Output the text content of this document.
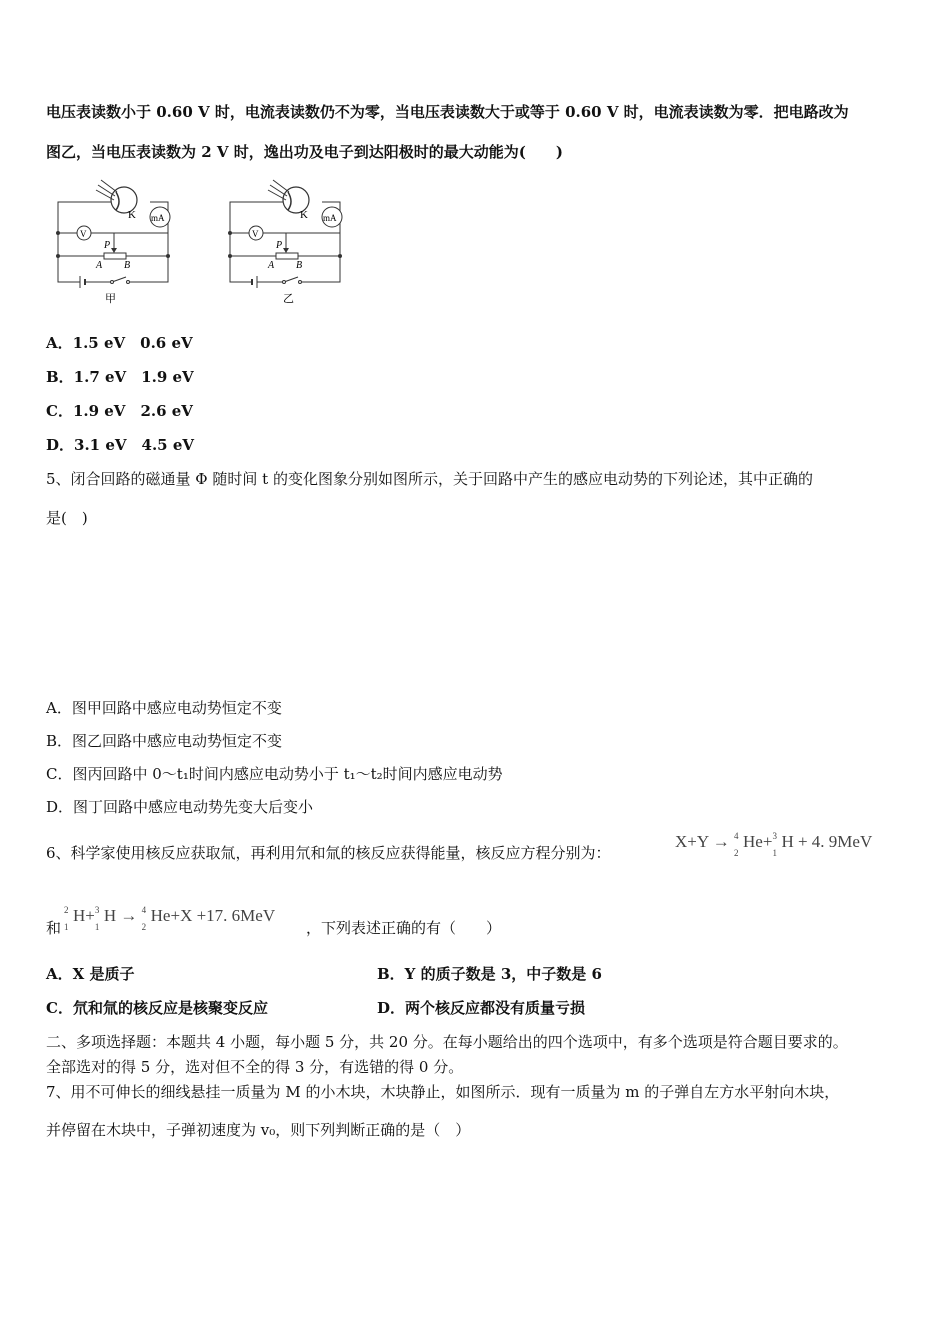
电压表读数小于 0.60 V 时，电流表读数仍不为零，当电压表读数大于或等于 0.60 V 时，电流表读数为零．把电路改为
图乙，当电压表读数为 2 V 时，逸出功及电子到达阳极时的最大动能为(　　)
K mA
V
P
A B
甲
K mA
V
P
A B
乙
A．1.5 eV　0.6 eV
B．1.7 eV　1.9 eV
C．1.9 eV　2.6 eV
D．3.1 eV　4.5 eV
5、闭合回路的磁通量 Φ 随时间 t 的变化图象分别如图所示，关于回路中产生的感应电动势的下列论述，其中正确的
是(　)
A．图甲回路中感应电动势恒定不变
B．图乙回路中感应电动势恒定不变
C．图丙回路中 0～t₁时间内感应电动势小于 t₁～t₂时间内感应电动势
D．图丁回路中感应电动势先变大后变小
6、科学家使用核反应获取氚，再利用氘和氚的核反应获得能量，核反应方程分别为：
X+Y → 4
2
He+ 3
1
H + 4. 9MeV
和
2
1
H+ 3
1
H → 4
2
He+X +17. 6MeV
，下列表述正确的有（　　）
A．X 是质子	B．Y 的质子数是 3，中子数是 6
C．氘和氚的核反应是核聚变反应	D．两个核反应都没有质量亏损
二、多项选择题：本题共 4 小题，每小题 5 分，共 20 分。在每小题给出的四个选项中，有多个选项是符合题目要求的。
全部选对的得 5 分，选对但不全的得 3 分，有选错的得 0 分。
7、用不可伸长的细线悬挂一质量为 M 的小木块，木块静止，如图所示．现有一质量为 m 的子弹自左方水平射向木块，
并停留在木块中，子弹初速度为 v₀，则下列判断正确的是（　）
